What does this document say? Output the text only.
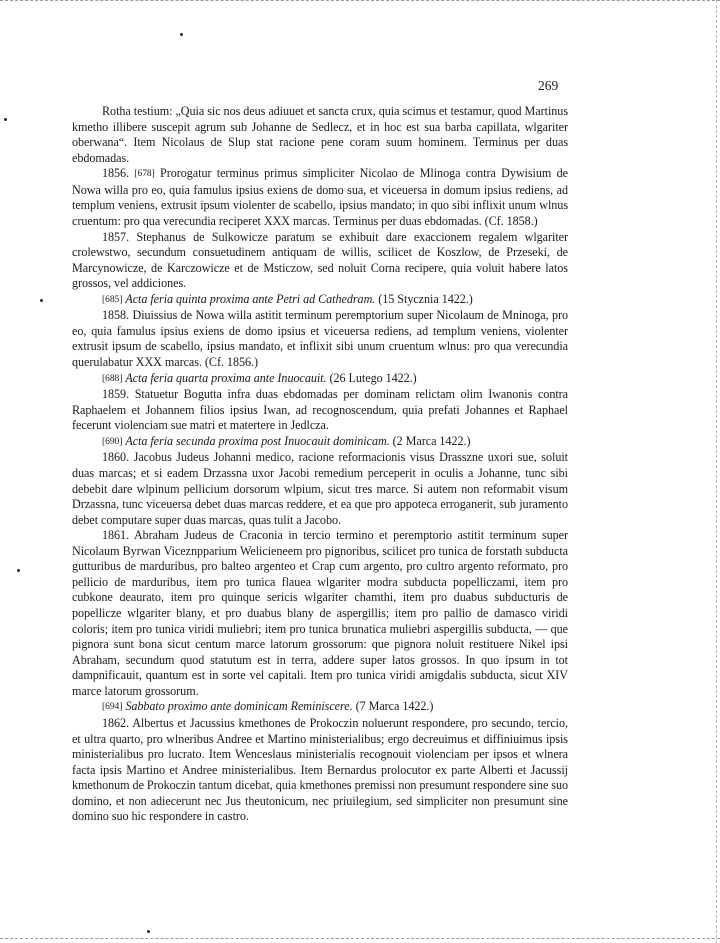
269

Rotha testium: „Quia sic nos deus adiuuet et sancta crux, quia scimus et testamur, quod Martinus kmetho illibere suscepit agrum sub Johanne de Sedlecz, et in hoc est sua barba capillata, wlgariter oberwana“. Item Nicolaus de Slup stat racione pene coram suum hominem. Terminus per duas ebdomadas.

1856. [678] Prorogatur terminus primus simpliciter Nicolao de Mlinoga contra Dywisium de Nowa willa pro eo, quia famulus ipsius exiens de domo sua, et viceuersa in domum ipsius rediens, ad templum veniens, extrusit ipsum violenter de scabello, ipsius mandato; in quo sibi inflixit unum wlnus cruentum: pro qua verecundia reciperet XXX marcas. Terminus per duas ebdomadas. (Cf. 1858.)

1857. Stephanus de Sulkowicze paratum se exhibuit dare exaccionem regalem wlgariter crolewstwo, secundum consuetudinem antiquam de willis, scilicet de Koszlow, de Przeseki, de Marcynowicze, de Karczowicze et de Msticzow, sed noluit Corna recipere, quia voluit habere latos grossos, vel addiciones.

[685] Acta feria quinta proxima ante Petri ad Cathedram. (15 Stycznia 1422.)

1858. Diuissius de Nowa willa astitit terminum peremptorium super Nicolaum de Mninoga, pro eo, quia famulus ipsius exiens de domo ipsius et viceuersa rediens, ad templum veniens, violenter extrusit ipsum de scabello, ipsius mandato, et inflixit sibi unum cruentum wlnus: pro qua verecundia querulabatur XXX marcas. (Cf. 1856.)

[688] Acta feria quarta proxima ante Inuocauit. (26 Lutego 1422.)

1859. Statuetur Bogutta infra duas ebdomadas per dominam relictam olim Iwanonis contra Raphaelem et Johannem filios ipsius Iwan, ad recognoscendum, quia prefati Johannes et Raphael fecerunt violenciam sue matri et matertere in Jedlcza.

[690] Acta feria secunda proxima post Inuocauit dominicam. (2 Marca 1422.)

1860. Jacobus Judeus Johanni medico, racione reformacionis visus Drasszne uxori sue, soluit duas marcas; et si eadem Drzassna uxor Jacobi remedium perceperit in oculis a Johanne, tunc sibi debebit dare wlpinum pellicium dorsorum wlpium, sicut tres marce. Si autem non reformabit visum Drzassna, tunc viceuersa debet duas marcas reddere, et ea que pro appoteca erroganerit, sub juramento debet computare super duas marcas, quas tulit a Jacobo.

1861. Abraham Judeus de Craconia in tercio termino et peremptorio astitit terminum super Nicolaum Byrwan Viceznpparium Welicieneem pro pignoribus, scilicet pro tunica de forstath subducta gutturibus de marduribus, pro balteo argenteo et Crap cum argento, pro cultro argento reformato, pro pellicio de marduribus, item pro tunica flauea wlgariter modra subducta popelliczami, item pro cubkone deaurato, item pro quinque sericis wlgariter chamthi, item pro duabus subducturis de popellicze wlgariter blany, et pro duabus blany de aspergillis; item pro pallio de damasco viridi coloris; item pro tunica viridi muliebri; item pro tunica brunatica muliebri aspergillis subducta, — que pignora sunt bona sicut centum marce latorum grossorum: que pignora noluit restituere Nikel ipsi Abraham, secundum quod statutum est in terra, addere super latos grossos. In quo ipsum in tot dampnificauit, quantum est in sorte vel capitali. Item pro tunica viridi amigdalis subducta, sicut XIV marce latorum grossorum.

[694] Sabbato proximo ante dominicam Reminiscere. (7 Marca 1422.)

1862. Albertus et Jacussius kmethones de Prokoczin noluerunt respondere, pro secundo, tercio, et ultra quarto, pro wlneribus Andree et Martino ministerialibus; ergo decreuimus et diffiniuimus ipsis ministerialibus pro lucrato. Item Wenceslaus ministerialis recognouit violenciam per ipsos et wlnera facta ipsis Martino et Andree ministerialibus. Item Bernardus prolocutor ex parte Alberti et Jacussij kmethonum de Prokoczin tantum dicebat, quia kmethones premissi non presumunt respondere sine suo domino, et non adiecerunt nec Jus theutonicum, nec priuilegium, sed simpliciter non presumunt sine domino suo hic respondere in castro.
